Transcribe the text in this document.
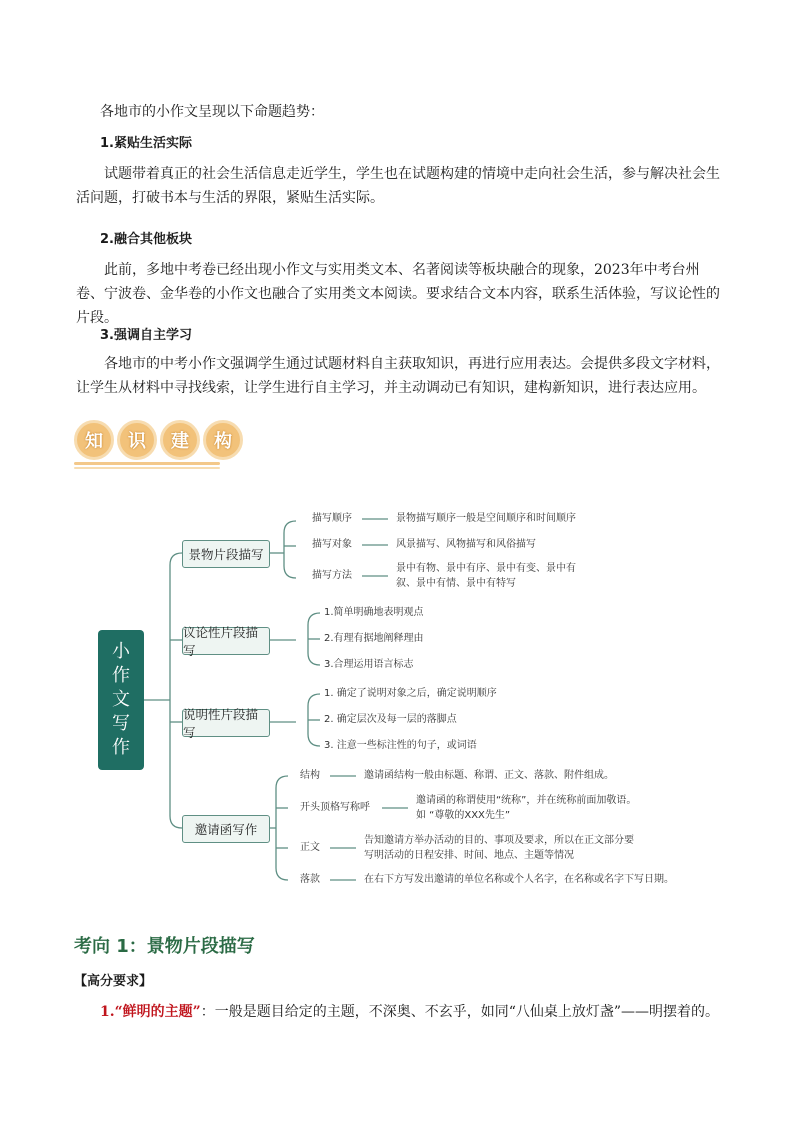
各地市的小作文呈现以下命题趋势：

1.紧贴生活实际

试题带着真正的社会生活信息走近学生，学生也在试题构建的情境中走向社会生活，参与解决社会生活问题，打破书本与生活的界限，紧贴生活实际。

2.融合其他板块

此前，多地中考卷已经出现小作文与实用类文本、名著阅读等板块融合的现象，2023年中考台州卷、宁波卷、金华卷的小作文也融合了实用类文本阅读。要求结合文本内容，联系生活体验，写议论性的片段。

3.强调自主学习

各地市的中考小作文强调学生通过试题材料自主获取知识，再进行应用表达。会提供多段文字材料，让学生从材料中寻找线索，让学生进行自主学习，并主动调动已有知识，建构新知识，进行表达应用。

知	识	建	构
小
作
文
写
作
景物片段描写
议论性片段描写
说明性片段描写
邀请函写作
描写顺序	景物描写顺序一般是空间顺序和时间顺序
描写对象	风景描写、风物描写和风俗描写
描写方法
景中有物、景中有序、景中有变、景中有
叙、景中有情、景中有特写
1.简单明确地表明观点
2.有理有据地阐释理由
3.合理运用语言标志
1. 确定了说明对象之后，确定说明顺序
2. 确定层次及每一层的落脚点
3. 注意一些标注性的句子，或词语
结构	邀请函结构一般由标题、称谓、正文、落款、附件组成。
开头顶格写称呼
邀请函的称谓使用“统称”，并在统称前面加敬语。
如 “尊敬的XXX先生”
正文
告知邀请方举办活动的目的、事项及要求，所以在正文部分要
写明活动的日程安排、时间、地点、主题等情况
落款	在右下方写发出邀请的单位名称或个人名字，在名称或名字下写日期。
考向 1：景物片段描写
【高分要求】

1.“鲜明的主题”：一般是题目给定的主题，不深奥、不玄乎，如同“八仙桌上放灯盏”——明摆着的。
